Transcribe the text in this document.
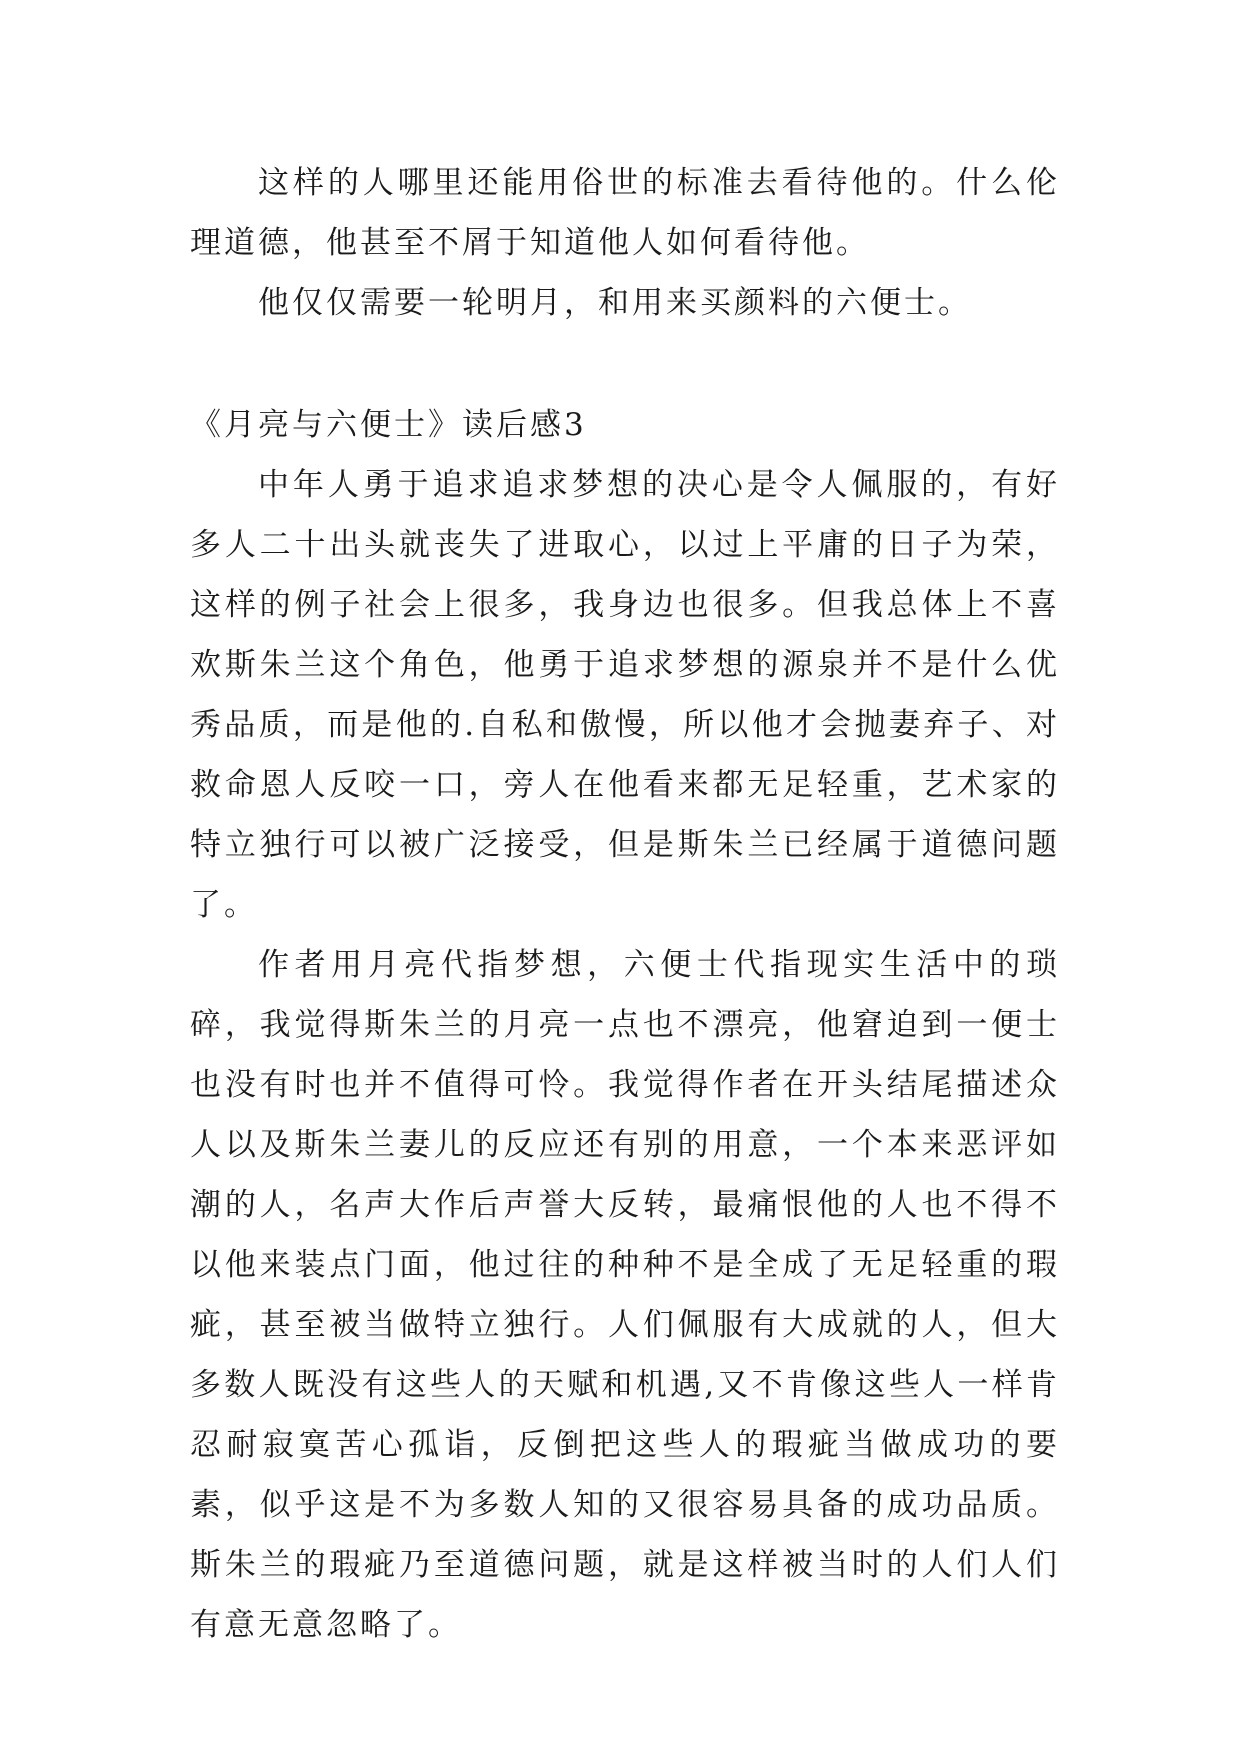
这样的人哪里还能用俗世的标准去看待他的。什么伦理道德，他甚至不屑于知道他人如何看待他。

他仅仅需要一轮明月，和用来买颜料的六便士。

《月亮与六便士》读后感3

中年人勇于追求追求梦想的决心是令人佩服的，有好多人二十出头就丧失了进取心，以过上平庸的日子为荣，这样的例子社会上很多，我身边也很多。但我总体上不喜欢斯朱兰这个角色，他勇于追求梦想的源泉并不是什么优秀品质，而是他的.自私和傲慢，所以他才会抛妻弃子、对救命恩人反咬一口，旁人在他看来都无足轻重，艺术家的特立独行可以被广泛接受，但是斯朱兰已经属于道德问题了。

作者用月亮代指梦想，六便士代指现实生活中的琐碎，我觉得斯朱兰的月亮一点也不漂亮，他窘迫到一便士也没有时也并不值得可怜。我觉得作者在开头结尾描述众人以及斯朱兰妻儿的反应还有别的用意，一个本来恶评如潮的人，名声大作后声誉大反转，最痛恨他的人也不得不以他来装点门面，他过往的种种不是全成了无足轻重的瑕疵，甚至被当做特立独行。人们佩服有大成就的人，但大多数人既没有这些人的天赋和机遇,又不肯像这些人一样肯忍耐寂寞苦心孤诣，反倒把这些人的瑕疵当做成功的要素，似乎这是不为多数人知的又很容易具备的成功品质。斯朱兰的瑕疵乃至道德问题，就是这样被当时的人们人们有意无意忽略了。
